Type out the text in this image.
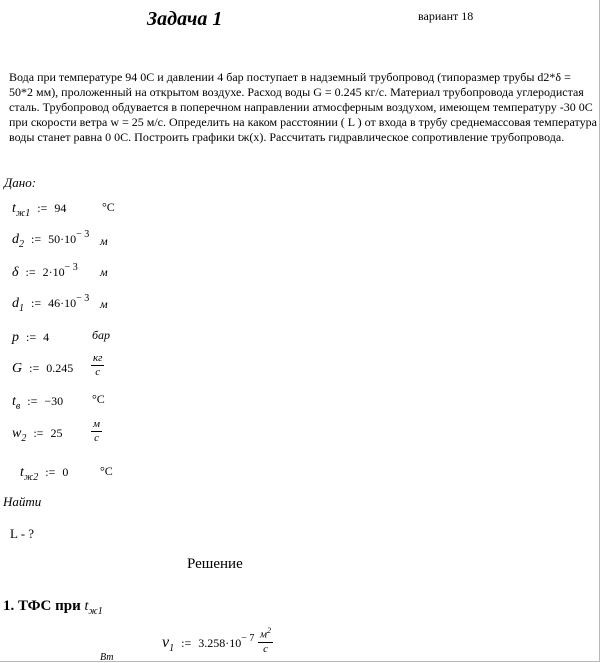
Задача 1	вариант 18
Вода при температуре 94 0С и давлении 4 бар поступает в надземный трубопровод (типоразмер трубы d2*δ = 50*2 мм), проложенный на открытом воздухе. Расход воды G = 0.245 кг/с. Материал трубопровода углеродистая сталь. Трубопровод обдувается в поперечном направлении атмосферным воздухом, имеющем температуру -30 0С при скорости ветра w = 25 м/с. Определить на каком расстоянии ( L ) от входа в трубу среднемассовая температура воды станет равна 0 0С. Построить графики tж(x). Рассчитать гидравлическое сопротивление трубопровода.
Дано:
$t_{ж1}$ := 94	°C
$d_2$ := $50\cdot 10^{- 3}$ м
δ := $2\cdot 10^{- 3}$ м
$d_1$ := $46\cdot 10^{- 3}$ м
p := 4	бар
G := $0.245 \frac{кг}{с}$
$t_в$ := −30 °C
$w_2$ := 25	$\frac{м}{с}$
$t_{ж2}$ := 0	°C
Найти
L - ?
Решение
1. ТФС при $t_{ж1}$
$\nu_1$ := $3.258\cdot 10^{- 7} \frac{м^2}{с}$
Вт
